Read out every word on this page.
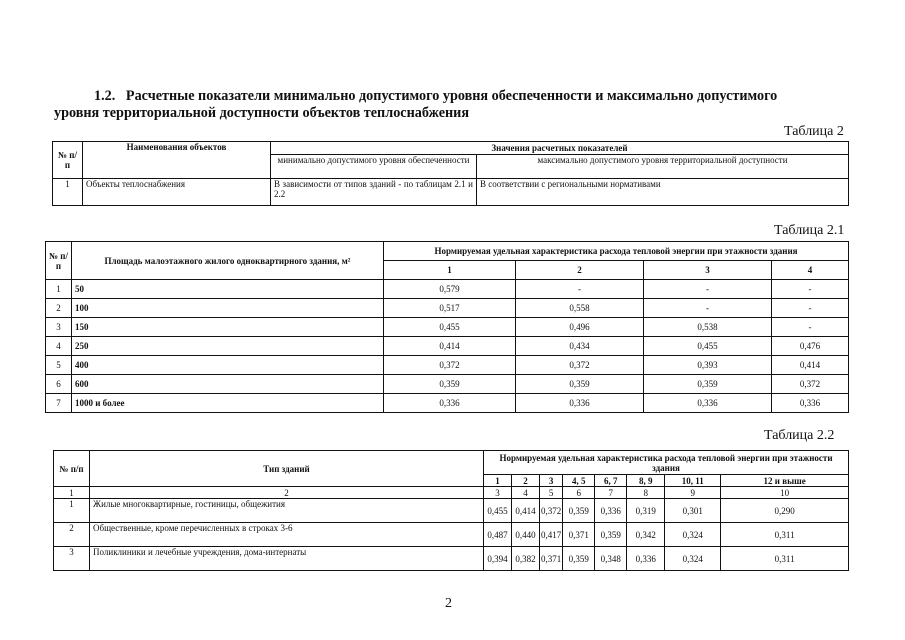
1.2. Расчетные показатели минимально допустимого уровня обеспеченности и максимально допустимого
уровня территориальной доступности объектов теплоснабжения
Таблица 2
№ п/п	Наименования объектов	Значения расчетных показателей	
		минимально допустимого уровня обеспеченности	максимально допустимого уровня территориальной доступности
1	Объекты теплоснабжения	В зависимости от типов зданий - по таблицам 2.1 и 2.2	В соответствии с региональными нормативами
Таблица 2.1
№ п/п	Площадь малоэтажного жилого одноквартирного здания, м²	Нормируемая удельная характеристика расхода тепловой энергии при этажности здания			
		1	2	3	4
1	50	0,579	-	-	-
2	100	0,517	0,558	-	-
3	150	0,455	0,496	0,538	-
4	250	0,414	0,434	0,455	0,476
5	400	0,372	0,372	0,393	0,414
6	600	0,359	0,359	0,359	0,372
7	1000 и более	0,336	0,336	0,336	0,336
Таблица 2.2
№ п/п	Тип зданий	Нормируемая удельная характеристика расхода тепловой энергии при этажности здания							
		1	2	3	4, 5	6, 7	8, 9	10, 11	12 и выше
1	2	3	4	5	6	7	8	9	10
1	Жилые многоквартирные, гостиницы, общежития	0,455	0,414	0,372	0,359	0,336	0,319	0,301	0,290
2	Общественные, кроме перечисленных в строках 3-6	0,487	0,440	0,417	0,371	0,359	0,342	0,324	0,311
3	Поликлиники и лечебные учреждения, дома-интернаты	0,394	0,382	0,371	0,359	0,348	0,336	0,324	0,311
2
